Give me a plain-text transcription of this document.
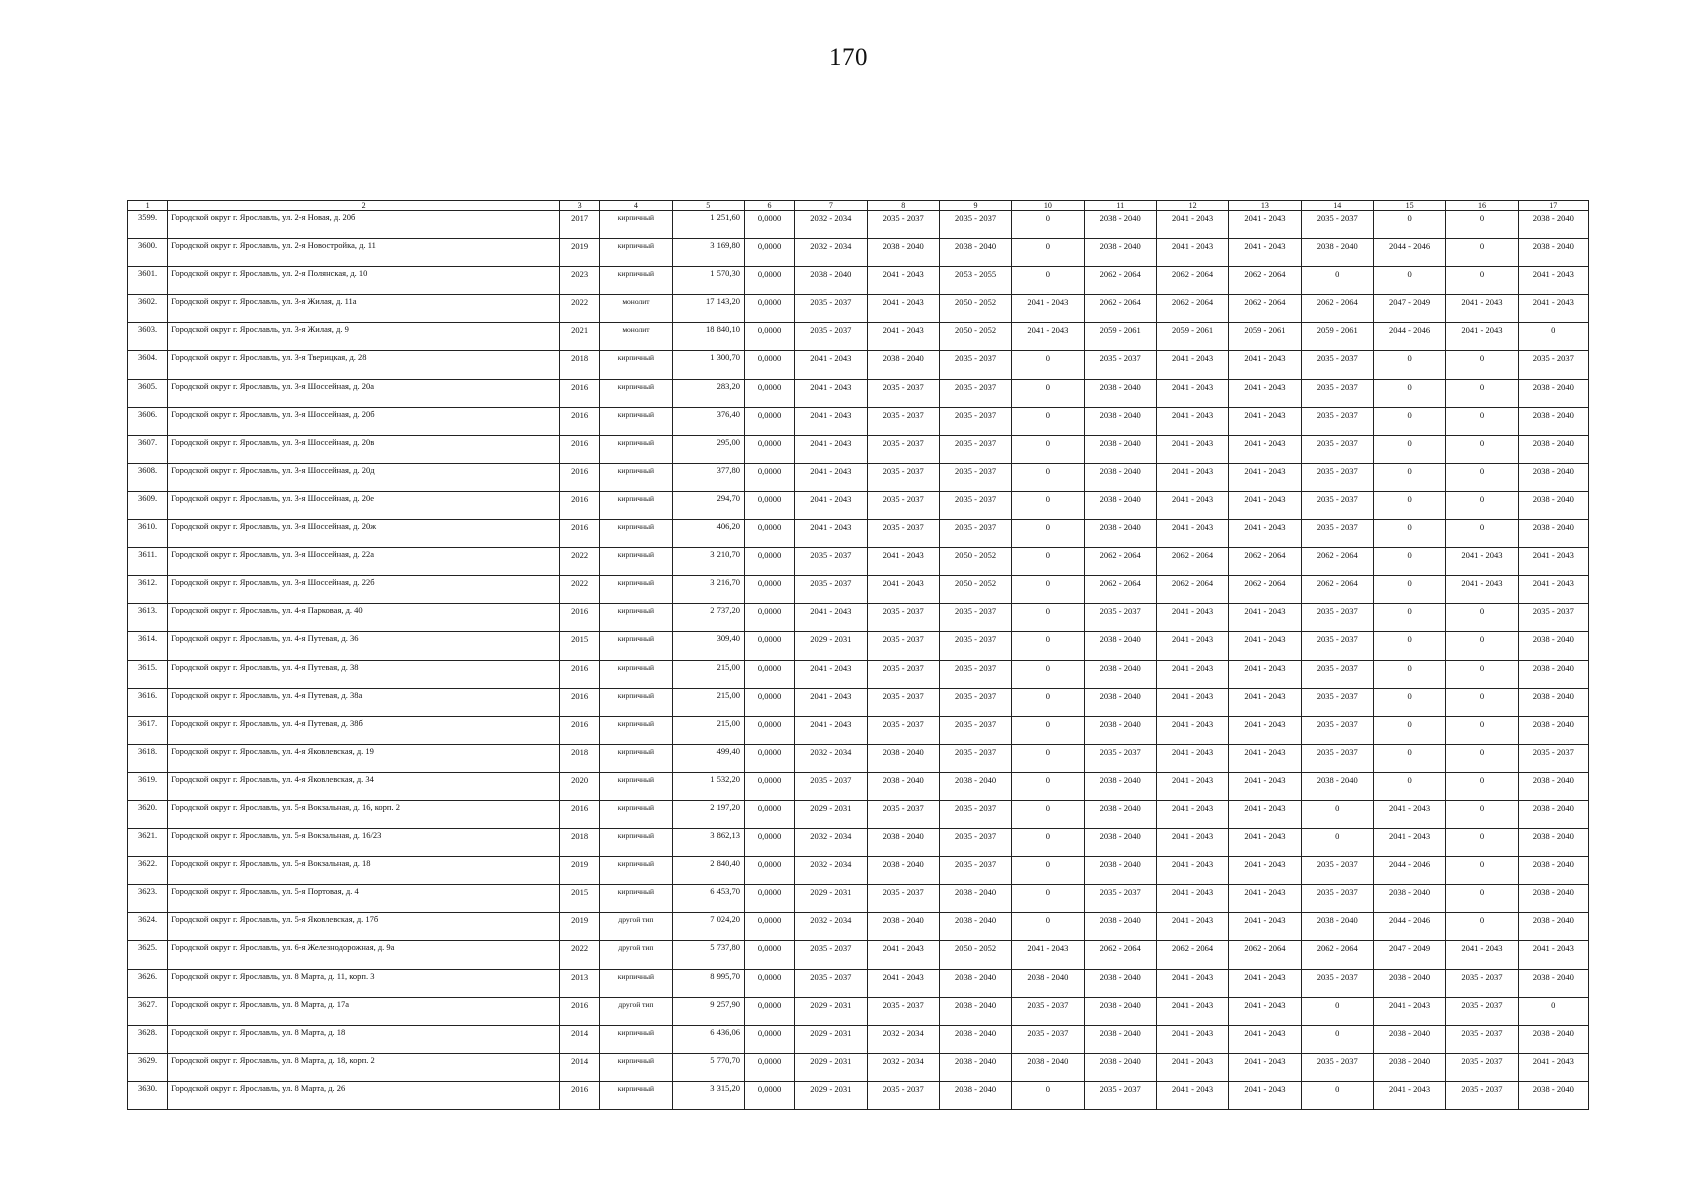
170
1	2	3	4	5	6	7	8	9	10	11	12	13	14	15	16	17
3599.	Городской округ г. Ярославль, ул. 2-я Новая, д. 20б	2017	кирпичный	1 251,60	0,0000	2032 - 2034	2035 - 2037	2035 - 2037	0	2038 - 2040	2041 - 2043	2041 - 2043	2035 - 2037	0	0	2038 - 2040
3600.	Городской округ г. Ярославль, ул. 2-я Новостройка, д. 11	2019	кирпичный	3 169,80	0,0000	2032 - 2034	2038 - 2040	2038 - 2040	0	2038 - 2040	2041 - 2043	2041 - 2043	2038 - 2040	2044 - 2046	0	2038 - 2040
3601.	Городской округ г. Ярославль, ул. 2-я Полянская, д. 10	2023	кирпичный	1 570,30	0,0000	2038 - 2040	2041 - 2043	2053 - 2055	0	2062 - 2064	2062 - 2064	2062 - 2064	0	0	0	2041 - 2043
3602.	Городской округ г. Ярославль, ул. 3-я Жилая, д. 11а	2022	монолит	17 143,20	0,0000	2035 - 2037	2041 - 2043	2050 - 2052	2041 - 2043	2062 - 2064	2062 - 2064	2062 - 2064	2062 - 2064	2047 - 2049	2041 - 2043	2041 - 2043
3603.	Городской округ г. Ярославль, ул. 3-я Жилая, д. 9	2021	монолит	18 840,10	0,0000	2035 - 2037	2041 - 2043	2050 - 2052	2041 - 2043	2059 - 2061	2059 - 2061	2059 - 2061	2059 - 2061	2044 - 2046	2041 - 2043	0
3604.	Городской округ г. Ярославль, ул. 3-я Тверицкая, д. 28	2018	кирпичный	1 300,70	0,0000	2041 - 2043	2038 - 2040	2035 - 2037	0	2035 - 2037	2041 - 2043	2041 - 2043	2035 - 2037	0	0	2035 - 2037
3605.	Городской округ г. Ярославль, ул. 3-я Шоссейная, д. 20а	2016	кирпичный	283,20	0,0000	2041 - 2043	2035 - 2037	2035 - 2037	0	2038 - 2040	2041 - 2043	2041 - 2043	2035 - 2037	0	0	2038 - 2040
3606.	Городской округ г. Ярославль, ул. 3-я Шоссейная, д. 20б	2016	кирпичный	376,40	0,0000	2041 - 2043	2035 - 2037	2035 - 2037	0	2038 - 2040	2041 - 2043	2041 - 2043	2035 - 2037	0	0	2038 - 2040
3607.	Городской округ г. Ярославль, ул. 3-я Шоссейная, д. 20в	2016	кирпичный	295,00	0,0000	2041 - 2043	2035 - 2037	2035 - 2037	0	2038 - 2040	2041 - 2043	2041 - 2043	2035 - 2037	0	0	2038 - 2040
3608.	Городской округ г. Ярославль, ул. 3-я Шоссейная, д. 20д	2016	кирпичный	377,80	0,0000	2041 - 2043	2035 - 2037	2035 - 2037	0	2038 - 2040	2041 - 2043	2041 - 2043	2035 - 2037	0	0	2038 - 2040
3609.	Городской округ г. Ярославль, ул. 3-я Шоссейная, д. 20е	2016	кирпичный	294,70	0,0000	2041 - 2043	2035 - 2037	2035 - 2037	0	2038 - 2040	2041 - 2043	2041 - 2043	2035 - 2037	0	0	2038 - 2040
3610.	Городской округ г. Ярославль, ул. 3-я Шоссейная, д. 20ж	2016	кирпичный	406,20	0,0000	2041 - 2043	2035 - 2037	2035 - 2037	0	2038 - 2040	2041 - 2043	2041 - 2043	2035 - 2037	0	0	2038 - 2040
3611.	Городской округ г. Ярославль, ул. 3-я Шоссейная, д. 22а	2022	кирпичный	3 210,70	0,0000	2035 - 2037	2041 - 2043	2050 - 2052	0	2062 - 2064	2062 - 2064	2062 - 2064	2062 - 2064	0	2041 - 2043	2041 - 2043
3612.	Городской округ г. Ярославль, ул. 3-я Шоссейная, д. 22б	2022	кирпичный	3 216,70	0,0000	2035 - 2037	2041 - 2043	2050 - 2052	0	2062 - 2064	2062 - 2064	2062 - 2064	2062 - 2064	0	2041 - 2043	2041 - 2043
3613.	Городской округ г. Ярославль, ул. 4-я Парковая, д. 40	2016	кирпичный	2 737,20	0,0000	2041 - 2043	2035 - 2037	2035 - 2037	0	2035 - 2037	2041 - 2043	2041 - 2043	2035 - 2037	0	0	2035 - 2037
3614.	Городской округ г. Ярославль, ул. 4-я Путевая, д. 36	2015	кирпичный	309,40	0,0000	2029 - 2031	2035 - 2037	2035 - 2037	0	2038 - 2040	2041 - 2043	2041 - 2043	2035 - 2037	0	0	2038 - 2040
3615.	Городской округ г. Ярославль, ул. 4-я Путевая, д. 38	2016	кирпичный	215,00	0,0000	2041 - 2043	2035 - 2037	2035 - 2037	0	2038 - 2040	2041 - 2043	2041 - 2043	2035 - 2037	0	0	2038 - 2040
3616.	Городской округ г. Ярославль, ул. 4-я Путевая, д. 38а	2016	кирпичный	215,00	0,0000	2041 - 2043	2035 - 2037	2035 - 2037	0	2038 - 2040	2041 - 2043	2041 - 2043	2035 - 2037	0	0	2038 - 2040
3617.	Городской округ г. Ярославль, ул. 4-я Путевая, д. 38б	2016	кирпичный	215,00	0,0000	2041 - 2043	2035 - 2037	2035 - 2037	0	2038 - 2040	2041 - 2043	2041 - 2043	2035 - 2037	0	0	2038 - 2040
3618.	Городской округ г. Ярославль, ул. 4-я Яковлевская, д. 19	2018	кирпичный	499,40	0,0000	2032 - 2034	2038 - 2040	2035 - 2037	0	2035 - 2037	2041 - 2043	2041 - 2043	2035 - 2037	0	0	2035 - 2037
3619.	Городской округ г. Ярославль, ул. 4-я Яковлевская, д. 34	2020	кирпичный	1 532,20	0,0000	2035 - 2037	2038 - 2040	2038 - 2040	0	2038 - 2040	2041 - 2043	2041 - 2043	2038 - 2040	0	0	2038 - 2040
3620.	Городской округ г. Ярославль, ул. 5-я Вокзальная, д. 16, корп. 2	2016	кирпичный	2 197,20	0,0000	2029 - 2031	2035 - 2037	2035 - 2037	0	2038 - 2040	2041 - 2043	2041 - 2043	0	2041 - 2043	0	2038 - 2040
3621.	Городской округ г. Ярославль, ул. 5-я Вокзальная, д. 16/23	2018	кирпичный	3 862,13	0,0000	2032 - 2034	2038 - 2040	2035 - 2037	0	2038 - 2040	2041 - 2043	2041 - 2043	0	2041 - 2043	0	2038 - 2040
3622.	Городской округ г. Ярославль, ул. 5-я Вокзальная, д. 18	2019	кирпичный	2 840,40	0,0000	2032 - 2034	2038 - 2040	2035 - 2037	0	2038 - 2040	2041 - 2043	2041 - 2043	2035 - 2037	2044 - 2046	0	2038 - 2040
3623.	Городской округ г. Ярославль, ул. 5-я Портовая, д. 4	2015	кирпичный	6 453,70	0,0000	2029 - 2031	2035 - 2037	2038 - 2040	0	2035 - 2037	2041 - 2043	2041 - 2043	2035 - 2037	2038 - 2040	0	2038 - 2040
3624.	Городской округ г. Ярославль, ул. 5-я Яковлевская, д. 17б	2019	другой тип	7 024,20	0,0000	2032 - 2034	2038 - 2040	2038 - 2040	0	2038 - 2040	2041 - 2043	2041 - 2043	2038 - 2040	2044 - 2046	0	2038 - 2040
3625.	Городской округ г. Ярославль, ул. 6-я Железнодорожная, д. 9а	2022	другой тип	5 737,80	0,0000	2035 - 2037	2041 - 2043	2050 - 2052	2041 - 2043	2062 - 2064	2062 - 2064	2062 - 2064	2062 - 2064	2047 - 2049	2041 - 2043	2041 - 2043
3626.	Городской округ г. Ярославль, ул. 8 Марта, д. 11, корп. 3	2013	кирпичный	8 995,70	0,0000	2035 - 2037	2041 - 2043	2038 - 2040	2038 - 2040	2038 - 2040	2041 - 2043	2041 - 2043	2035 - 2037	2038 - 2040	2035 - 2037	2038 - 2040
3627.	Городской округ г. Ярославль, ул. 8 Марта, д. 17а	2016	другой тип	9 257,90	0,0000	2029 - 2031	2035 - 2037	2038 - 2040	2035 - 2037	2038 - 2040	2041 - 2043	2041 - 2043	0	2041 - 2043	2035 - 2037	0
3628.	Городской округ г. Ярославль, ул. 8 Марта, д. 18	2014	кирпичный	6 436,06	0,0000	2029 - 2031	2032 - 2034	2038 - 2040	2035 - 2037	2038 - 2040	2041 - 2043	2041 - 2043	0	2038 - 2040	2035 - 2037	2038 - 2040
3629.	Городской округ г. Ярославль, ул. 8 Марта, д. 18, корп. 2	2014	кирпичный	5 770,70	0,0000	2029 - 2031	2032 - 2034	2038 - 2040	2038 - 2040	2038 - 2040	2041 - 2043	2041 - 2043	2035 - 2037	2038 - 2040	2035 - 2037	2041 - 2043
3630.	Городской округ г. Ярославль, ул. 8 Марта, д. 26	2016	кирпичный	3 315,20	0,0000	2029 - 2031	2035 - 2037	2038 - 2040	0	2035 - 2037	2041 - 2043	2041 - 2043	0	2041 - 2043	2035 - 2037	2038 - 2040
